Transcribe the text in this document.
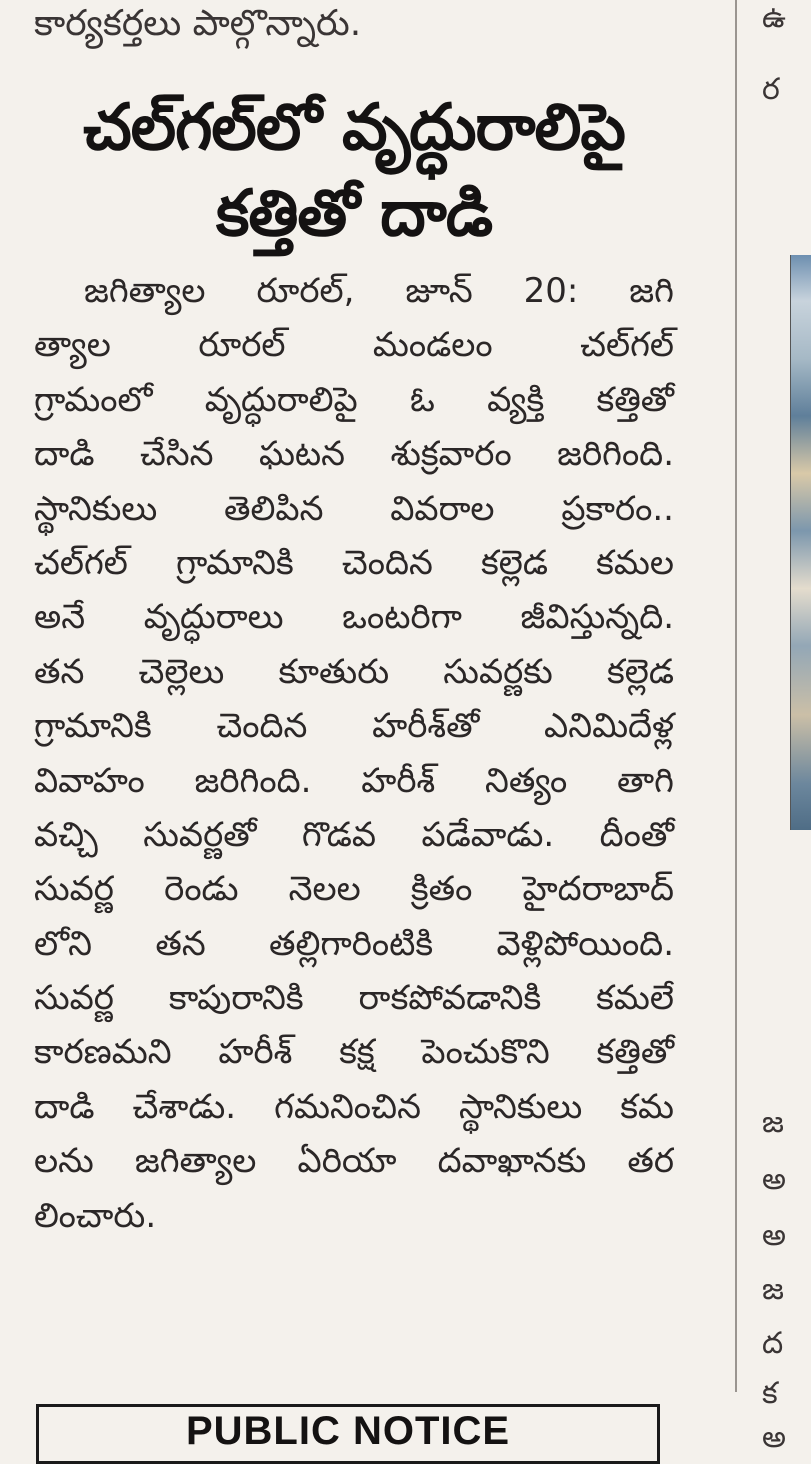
కార్యకర్తలు పాల్గొన్నారు.
చల్‌గల్‌లో వృద్ధురాలిపై
కత్తితో దాడి
జగిత్యాల రూరల్, జూన్ 20: జగి
త్యాల రూరల్ మండలం చల్‌గల్
గ్రామంలో వృద్ధురాలిపై ఓ వ్యక్తి కత్తితో
దాడి చేసిన ఘటన శుక్రవారం జరిగింది.
స్థానికులు తెలిపిన వివరాల ప్రకారం..
చల్‌గల్ గ్రామానికి చెందిన కల్లెడ కమల
అనే వృద్ధురాలు ఒంటరిగా జీవిస్తున్నది.
తన చెల్లెలు కూతురు సువర్ణకు కల్లెడ
గ్రామానికి చెందిన హరీశ్‌తో ఎనిమిదేళ్ల
వివాహం జరిగింది. హరీశ్ నిత్యం తాగి
వచ్చి సువర్ణతో గొడవ పడేవాడు. దీంతో
సువర్ణ రెండు నెలల క్రితం హైదరాబాద్
లోని తన తల్లిగారింటికి వెళ్లిపోయింది.
సువర్ణ కాపురానికి రాకపోవడానికి కమలే
కారణమని హరీశ్ కక్ష పెంచుకొని కత్తితో
దాడి చేశాడు. గమనించిన స్థానికులు కమ
లను జగిత్యాల ఏరియా దవాఖానకు తర
లించారు.
PUBLIC NOTICE
ఉ
ర
జ
అ
అ
జ
ద
క
అ
